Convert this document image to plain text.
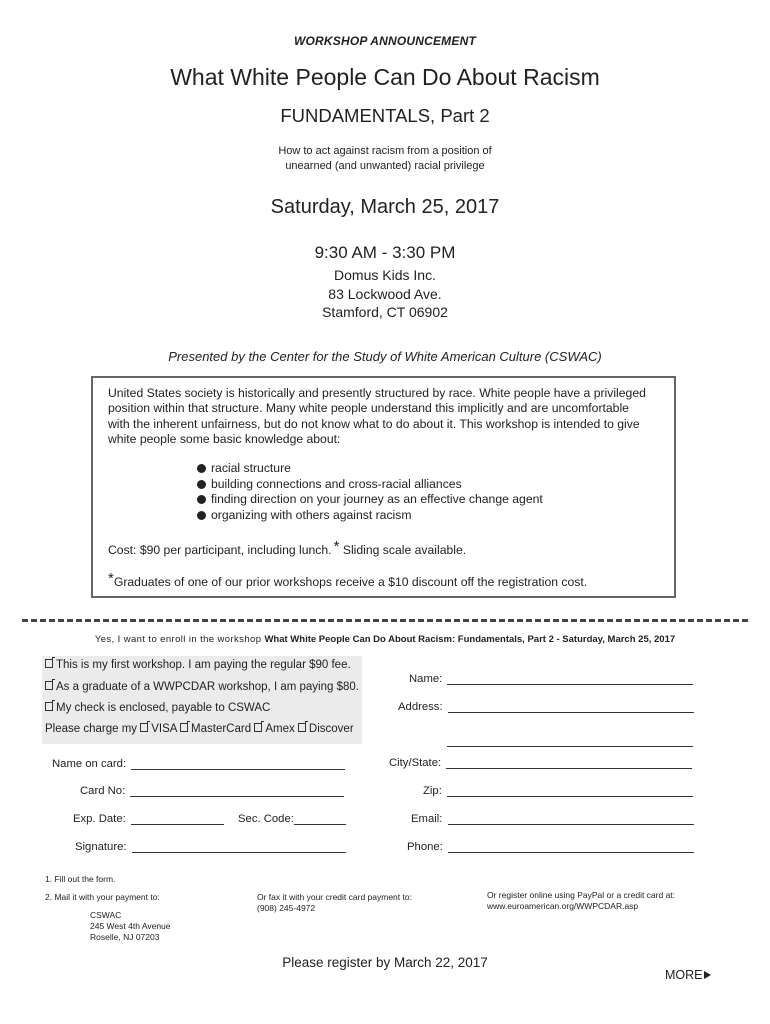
WORKSHOP ANNOUNCEMENT
What White People Can Do About Racism
FUNDAMENTALS, Part 2
How to act against racism from a position of
unearned (and unwanted) racial privilege
Saturday, March 25, 2017
9:30 AM - 3:30 PM
Domus Kids Inc.
83 Lockwood Ave.
Stamford, CT 06902
Presented by the Center for the Study of White American Culture (CSWAC)
United States society is historically and presently structured by race. White people have a privileged
position within that structure. Many white people understand this implicitly and are uncomfortable
with the inherent unfairness, but do not know what to do about it. This workshop is intended to give
white people some basic knowledge about:
racial structure
building connections and cross-racial alliances
finding direction on your journey as an effective change agent
organizing with others against racism
Cost: $90 per participant, including lunch. * Sliding scale available.
*Graduates of one of our prior workshops receive a $10 discount off the registration cost.
Yes, I want to enroll in the workshop What White People Can Do About Racism: Fundamentals, Part 2 - Saturday, March 25, 2017
This is my first workshop. I am paying the regular $90 fee.
As a graduate of a WWPCDAR workshop, I am paying $80.
My check is enclosed, payable to CSWAC
Please charge my VISA MasterCard Amex Discover
Name:
Address:
City/State:
Zip:
Email:
Phone:
Name on card:
Card No:
Exp. Date:	Sec. Code:
Signature:
1. Fill out the form.
2. Mail it with your payment to:
CSWAC
245 West 4th Avenue
Roselle, NJ 07203
Or fax it with your credit card payment to:
(908) 245-4972
Or register online using PayPal or a credit card at:
www.euroamerican.org/WWPCDAR.asp
Please register by March 22, 2017
MORE
